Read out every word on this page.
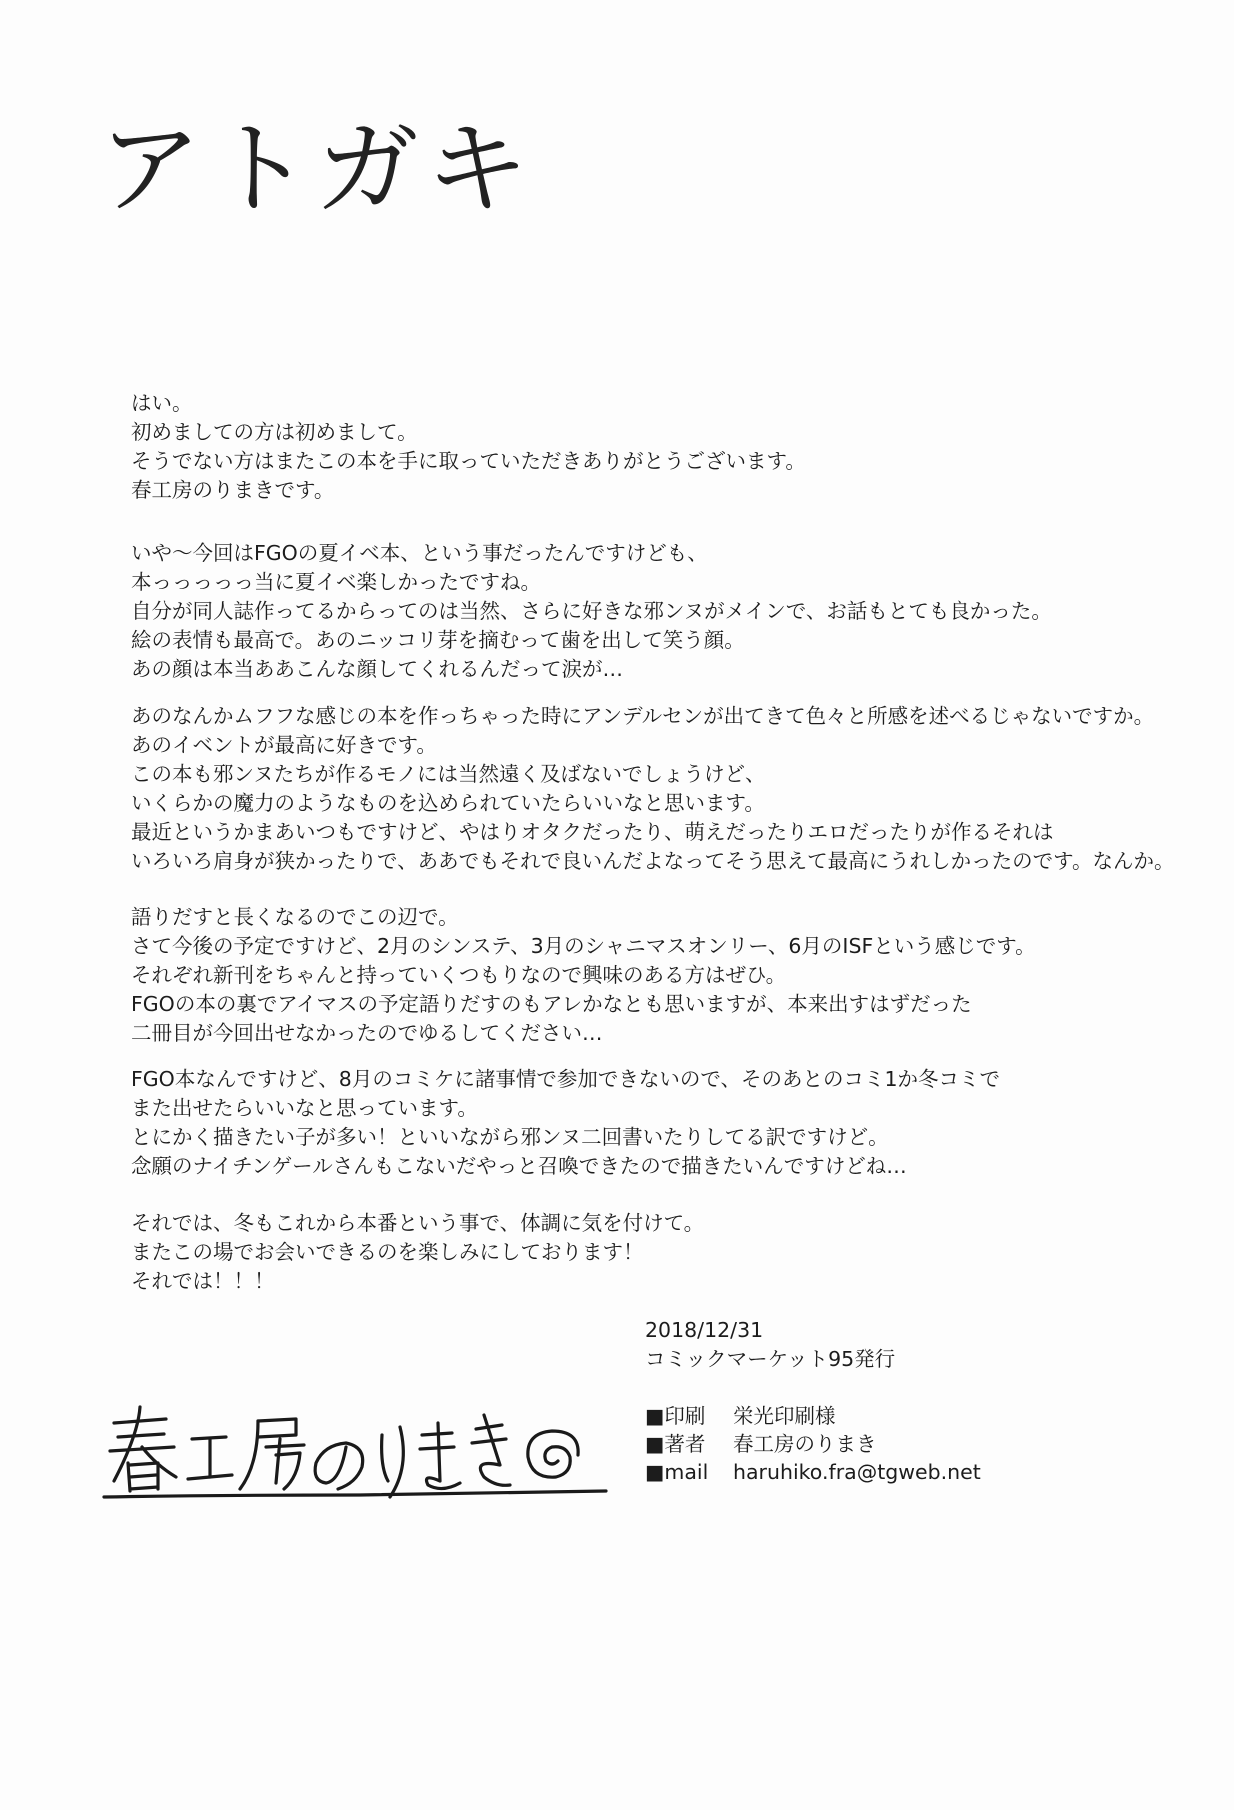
アトガキ
はい。
初めましての方は初めまして。
そうでない方はまたこの本を手に取っていただきありがとうございます。
春工房のりまきです。
いや～今回はFGOの夏イベ本、という事だったんですけども、
本っっっっっ当に夏イベ楽しかったですね。
自分が同人誌作ってるからってのは当然、さらに好きな邪ンヌがメインで、お話もとても良かった。
絵の表情も最高で。あのニッコリ芽を摘むって歯を出して笑う顔。
あの顔は本当ああこんな顔してくれるんだって涙が…
あのなんかムフフな感じの本を作っちゃった時にアンデルセンが出てきて色々と所感を述べるじゃないですか。
あのイベントが最高に好きです。
この本も邪ンヌたちが作るモノには当然遠く及ばないでしょうけど、
いくらかの魔力のようなものを込められていたらいいなと思います。
最近というかまあいつもですけど、やはりオタクだったり、萌えだったりエロだったりが作るそれは
いろいろ肩身が狭かったりで、ああでもそれで良いんだよなってそう思えて最高にうれしかったのです。なんか。
語りだすと長くなるのでこの辺で。
さて今後の予定ですけど、2月のシンステ、3月のシャニマスオンリー、6月のISFという感じです。
それぞれ新刊をちゃんと持っていくつもりなので興味のある方はぜひ。
FGOの本の裏でアイマスの予定語りだすのもアレかなとも思いますが、本来出すはずだった
二冊目が今回出せなかったのでゆるしてください…
FGO本なんですけど、8月のコミケに諸事情で参加できないので、そのあとのコミ1か冬コミで
また出せたらいいなと思っています。
とにかく描きたい子が多い！といいながら邪ンヌ二回書いたりしてる訳ですけど。
念願のナイチンゲールさんもこないだやっと召喚できたので描きたいんですけどね…
それでは、冬もこれから本番という事で、体調に気を付けて。
またこの場でお会いできるのを楽しみにしております！
それでは！！！
2018/12/31
コミックマーケット95発行
■印刷 栄光印刷様
■著者 春工房のりまき
■mail haruhiko.fra@tgweb.net
